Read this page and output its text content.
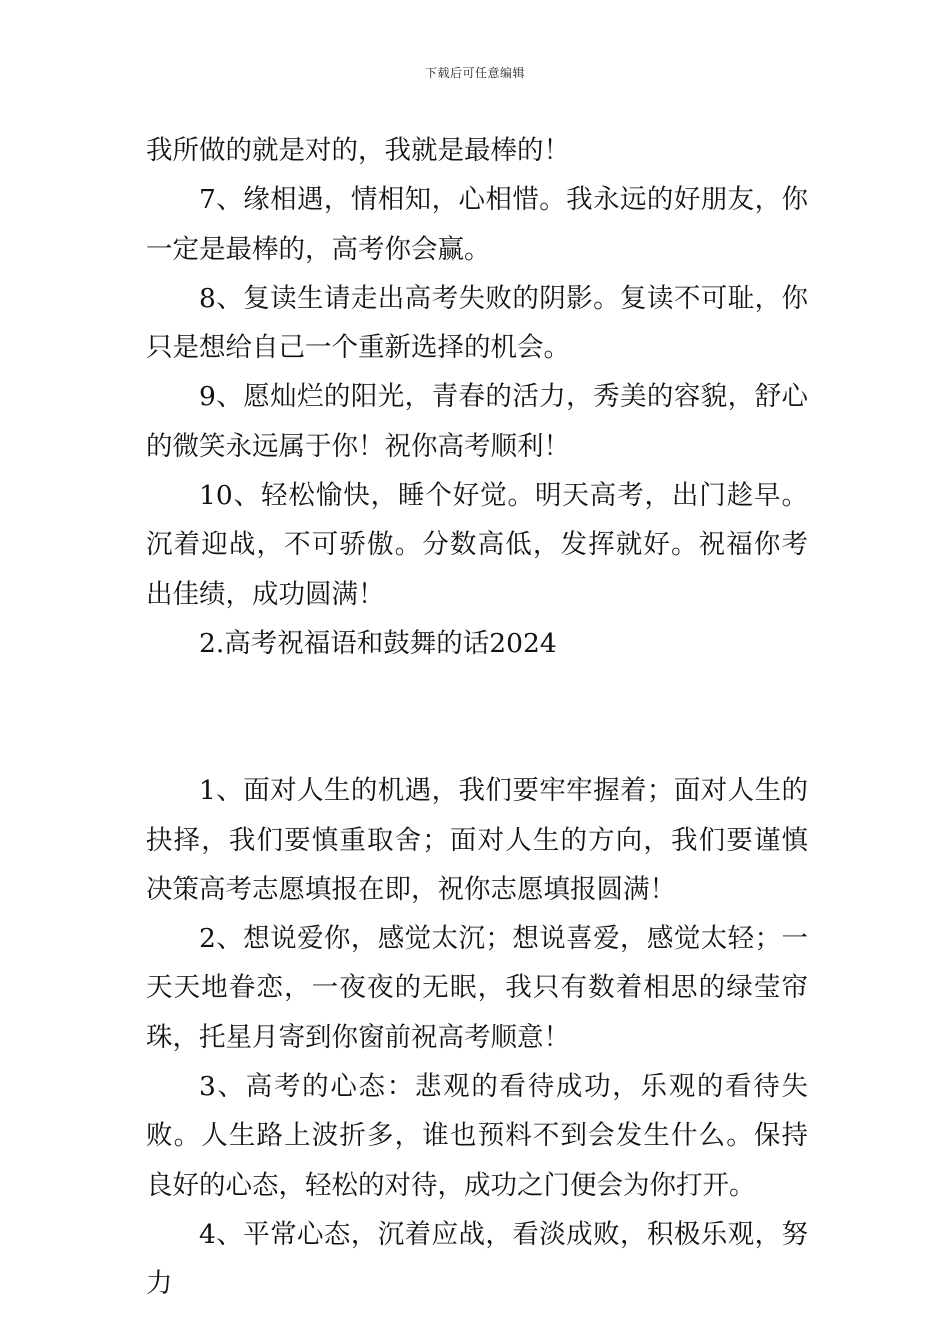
下载后可任意编辑

我所做的就是对的，我就是最棒的！

7、缘相遇，情相知，心相惜。我永远的好朋友，你一定是最棒的，高考你会赢。

8、复读生请走出高考失败的阴影。复读不可耻，你只是想给自己一个重新选择的机会。

9、愿灿烂的阳光，青春的活力，秀美的容貌，舒心的微笑永远属于你！祝你高考顺利！

10、轻松愉快，睡个好觉。明天高考，出门趁早。沉着迎战，不可骄傲。分数高低，发挥就好。祝福你考出佳绩，成功圆满！

2.高考祝福语和鼓舞的话2024

1、面对人生的机遇，我们要牢牢握着；面对人生的抉择，我们要慎重取舍；面对人生的方向，我们要谨慎决策高考志愿填报在即，祝你志愿填报圆满！

2、想说爱你，感觉太沉；想说喜爱，感觉太轻；一天天地眷恋，一夜夜的无眠，我只有数着相思的绿莹帘珠，托星月寄到你窗前祝高考顺意！

3、高考的心态：悲观的看待成功，乐观的看待失败。人生路上波折多，谁也预料不到会发生什么。保持良好的心态，轻松的对待，成功之门便会为你打开。

4、平常心态，沉着应战，看淡成败，积极乐观，努力
